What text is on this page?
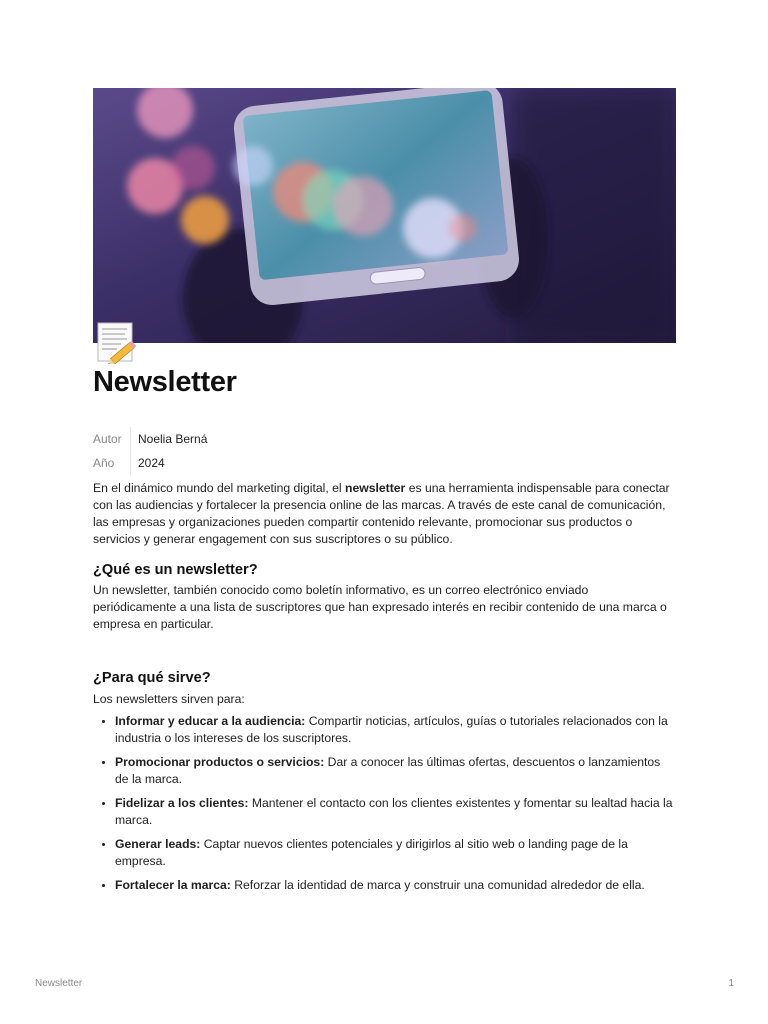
Newsletter
Autor	Noelia Berná
Año	2024

En el dinámico mundo del marketing digital, el newsletter es una herramienta indispensable para conectar con las audiencias y fortalecer la presencia online de las marcas. A través de este canal de comunicación, las empresas y organizaciones pueden compartir contenido relevante, promocionar sus productos o servicios y generar engagement con sus suscriptores o su público.

¿Qué es un newsletter?

Un newsletter, también conocido como boletín informativo, es un correo electrónico enviado periódicamente a una lista de suscriptores que han expresado interés en recibir contenido de una marca o empresa en particular.

¿Para qué sirve?

Los newsletters sirven para:

• Informar y educar a la audiencia: Compartir noticias, artículos, guías o tutoriales relacionados con la industria o los intereses de los suscriptores.
• Promocionar productos o servicios: Dar a conocer las últimas ofertas, descuentos o lanzamientos de la marca.
• Fidelizar a los clientes: Mantener el contacto con los clientes existentes y fomentar su lealtad hacia la marca.
• Generar leads: Captar nuevos clientes potenciales y dirigirlos al sitio web o landing page de la empresa.
• Fortalecer la marca: Reforzar la identidad de marca y construir una comunidad alrededor de ella.
Newsletter	1
